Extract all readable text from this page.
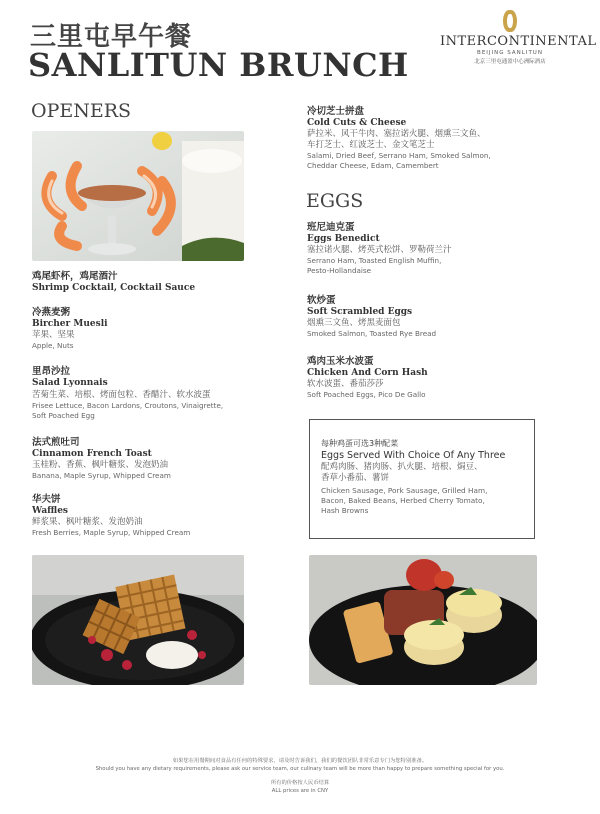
三里屯早午餐
SANLITUN BRUNCH
INTERCONTINENTAL
BEIJING SANLITUN
北京三里屯通盈中心洲际酒店
OPENERS
鸡尾虾杯，鸡尾酒汁
Shrimp Cocktail, Cocktail Sauce
冷燕麦粥
Bircher Muesli
苹果、坚果
Apple, Nuts
里昂沙拉
Salad Lyonnais
苦菊生菜、培根、烤面包粒、香醋汁、软水波蛋
Frisee Lettuce, Bacon Lardons, Croutons, Vinaigrette,
Soft Poached Egg
法式煎吐司
Cinnamon French Toast
玉桂粉、香蕉、枫叶糖浆、发泡奶油
Banana, Maple Syrup, Whipped Cream
华夫饼
Waffles
鲜浆果、枫叶糖浆、发泡奶油
Fresh Berries, Maple Syrup, Whipped Cream
冷切芝士拼盘
Cold Cuts & Cheese
萨拉米、风干牛肉、塞拉诺火腿、烟熏三文鱼、
车打芝士、红波芝士、金文笔芝士
Salami, Dried Beef, Serrano Ham, Smoked Salmon,
Cheddar Cheese, Edam, Camembert
EGGS
班尼迪克蛋
Eggs Benedict
塞拉诺火腿、烤英式松饼、罗勒荷兰汁
Serrano Ham, Toasted English Muffin,
Pesto-Hollandaise
软炒蛋
Soft Scrambled Eggs
烟熏三文鱼、烤黑麦面包
Smoked Salmon, Toasted Rye Bread
鸡肉玉米水波蛋
Chicken And Corn Hash
软水波蛋、番茄莎莎
Soft Poached Eggs, Pico De Gallo
每种鸡蛋可选3种配菜
Eggs Served With Choice Of Any Three
配鸡肉肠、猪肉肠、扒火腿、培根、焗豆、
香草小番茄、薯饼
Chicken Sausage, Pork Sausage, Grilled Ham,
Bacon, Baked Beans, Herbed Cherry Tomato,
Hash Browns
如果您在用餐期间对食品有任何的特殊要求，请及时告诉我们，我们的餐饮团队非常乐意专门为您特别准备。
Should you have any dietary requirements, please ask our service team, our culinary team will be more than happy to prepare something special for you.
所有的价格按人民币结算
ALL prices are in CNY
